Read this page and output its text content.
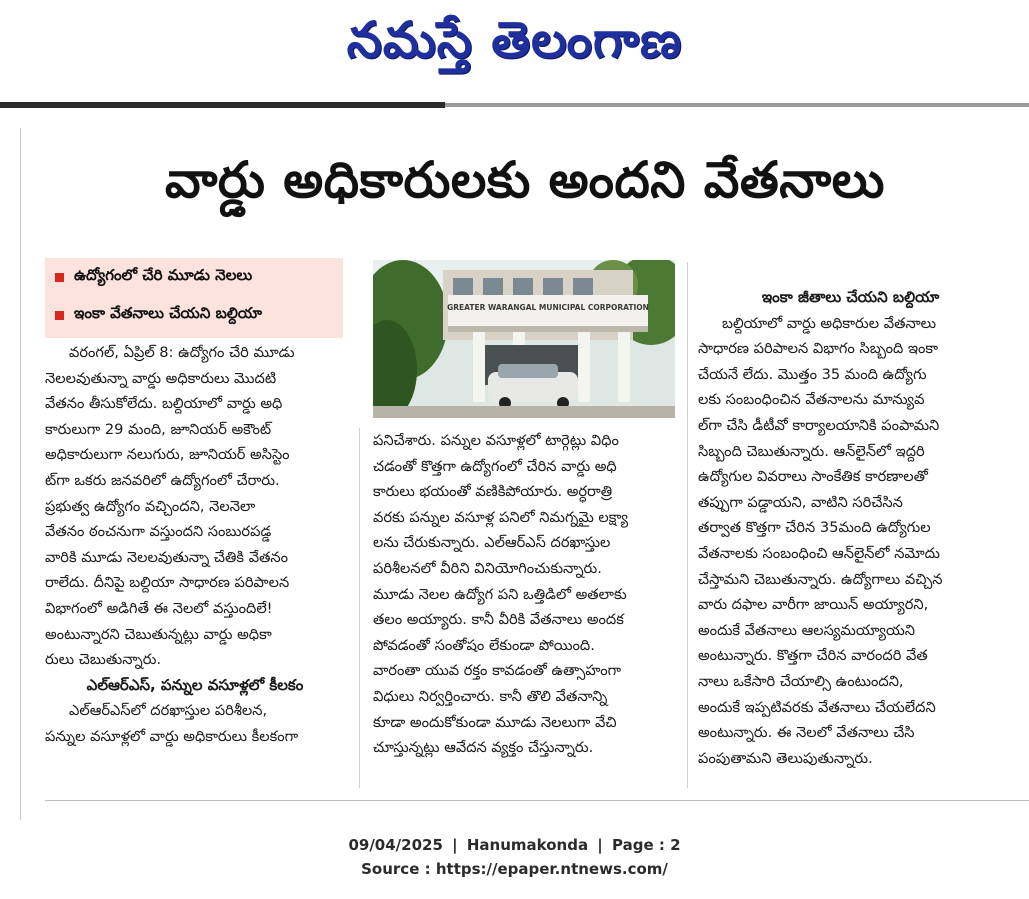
నమస్తే తెలంగాణ
వార్డు అధికారులకు అందని వేతనాలు
ఉద్యోగంలో చేరి మూడు నెలలు
ఇంకా వేతనాలు చేయని బల్దియా

వరంగల్, ఏప్రిల్ 8: ఉద్యోగం చేరి మూడు

నెలలవుతున్నా వార్డు అధికారులు మొదటి

వేతనం తీసుకోలేదు. బల్దియాలో వార్డు అధి

కారులుగా 29 మంది, జూనియర్ అకౌంట్

అధికారులుగా నలుగురు, జూనియర్ అసిస్టెం

ట్‌గా ఒకరు జనవరిలో ఉద్యోగంలో చేరారు.

ప్రభుత్వ ఉద్యోగం వచ్చిందని, నెలనెలా

వేతనం ఠంచనుగా వస్తుందని సంబురపడ్డ

వారికి మూడు నెలలవుతున్నా చేతికి వేతనం

రాలేదు. దీనిపై బల్దియా సాధారణ పరిపాలన

విభాగంలో అడిగితే ఈ నెలలో వస్తుందిలే!

అంటున్నారని చెబుతున్నట్లు వార్డు అధికా

రులు చెబుతున్నారు.

ఎల్‌ఆర్‌ఎస్, పన్నుల వసూళ్లలో కీలకం

ఎల్‌ఆర్‌ఎస్‌లో దరఖాస్తుల పరిశీలన,

పన్నుల వసూళ్లలో వార్డు అధికారులు కీలకంగా

GREATER WARANGAL MUNICIPAL CORPORATION

పనిచేశారు. పన్నుల వసూళ్లలో టార్గెట్లు విధిం

చడంతో కొత్తగా ఉద్యోగంలో చేరిన వార్డు అధి

కారులు భయంతో వణికిపోయారు. అర్ధరాత్రి

వరకు పన్నుల వసూళ్ల పనిలో నిమగ్నమై లక్ష్యా

లను చేరుకున్నారు. ఎల్‌ఆర్‌ఎస్ దరఖాస్తుల

పరిశీలనలో వీరిని వినియోగించుకున్నారు.

మూడు నెలల ఉద్యోగ పని ఒత్తిడిలో అతలాకు

తలం అయ్యారు. కానీ వీరికి వేతనాలు అందక

పోవడంతో సంతోషం లేకుండా పోయింది.

వారంతా యువ రక్తం కావడంతో ఉత్సాహంగా

విధులు నిర్వర్తించారు. కానీ తొలి వేతనాన్ని

కూడా అందుకోకుండా మూడు నెలలుగా వేచి

చూస్తున్నట్లు ఆవేదన వ్యక్తం చేస్తున్నారు.

ఇంకా జీతాలు చేయని బల్దియా

బల్దియాలో వార్డు అధికారుల వేతనాలు

సాధారణ పరిపాలన విభాగం సిబ్బంది ఇంకా

చేయనే లేదు. మొత్తం 35 మంది ఉద్యోగు

లకు సంబంధించిన వేతనాలను మాన్యువ

ల్‌గా చేసి డీటీవో కార్యాలయానికి పంపామని

సిబ్బంది చెబుతున్నారు. ఆన్‌లైన్‌లో ఇద్దరి

ఉద్యోగుల వివరాలు సాంకేతిక కారణాలతో

తప్పుగా పడ్డాయని, వాటిని సరిచేసిన

తర్వాత కొత్తగా చేరిన 35మంది ఉద్యోగుల

వేతనాలకు సంబంధించి ఆన్‌లైన్‌లో నమోదు

చేస్తామని చెబుతున్నారు. ఉద్యోగాలు వచ్చిన

వారు దఫాల వారీగా జాయిన్ అయ్యారని,

అందుకే వేతనాలు ఆలస్యమయ్యాయని

అంటున్నారు. కొత్తగా చేరిన వారందరి వేత

నాలు ఒకేసారి చేయాల్సి ఉంటుందని,

అందుకే ఇప్పటివరకు వేతనాలు చేయలేదని

అంటున్నారు. ఈ నెలలో వేతనాలు చేసి

పంపుతామని తెలుపుతున్నారు.

09/04/2025 | Hanumakonda | Page : 2
Source : https://epaper.ntnews.com/
